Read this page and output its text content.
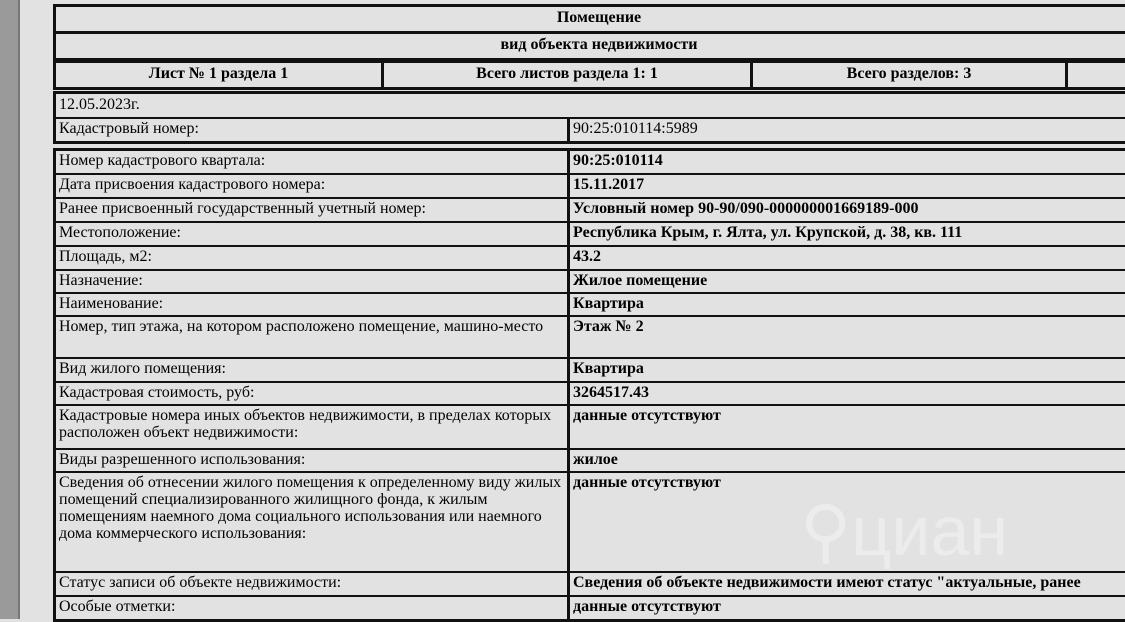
Помещение
вид объекта недвижимости
Лист № 1 раздела 1	Всего листов раздела 1: 1	Всего разделов: 3
12.05.2023г.
Кадастровый номер:	90:25:010114:5989
Номер кадастрового квартала:	90:25:010114
Дата присвоения кадастрового номера:	15.11.2017
Ранее присвоенный государственный учетный номер:	Условный номер 90-90/090-000000001669189-000
Местоположение:	Республика Крым, г. Ялта, ул. Крупской, д. 38, кв. 111
Площадь, м2:	43.2
Назначение:	Жилое помещение
Наименование:	Квартира
Номер, тип этажа, на котором расположено помещение, машино-место	Этаж № 2
Вид жилого помещения:	Квартира
Кадастровая стоимость, руб:	3264517.43
Кадастровые номера иных объектов недвижимости, в пределах которых расположен объект недвижимости:
данные отсутствуют
Виды разрешенного использования:	жилое
Сведения об отнесении жилого помещения к определенному виду жилых помещений специализированного жилищного фонда, к жилым помещениям наемного дома социального использования или наемного дома коммерческого использования:
данные отсутствуют
Статус записи об объекте недвижимости:	Сведения об объекте недвижимости имеют статус "актуальные, ранее
Особые отметки:	данные отсутствуют
⚲циан
